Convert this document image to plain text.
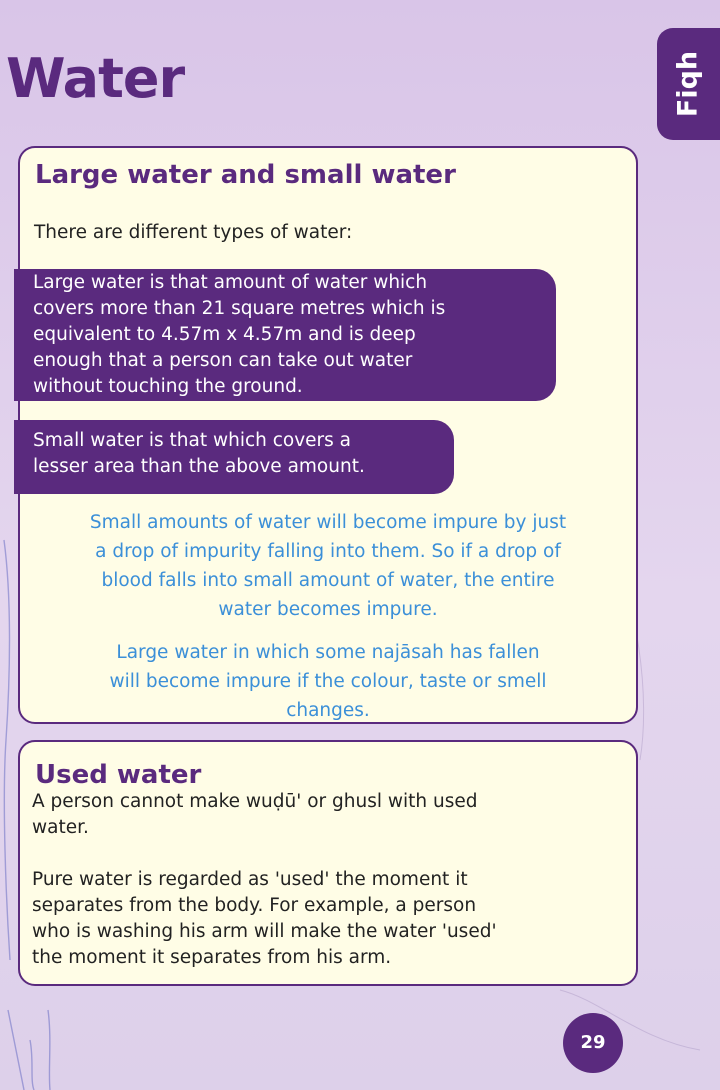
Water	Fiqh
Large water and small water

There are different types of water:

Large water is that amount of water which
covers more than 21 square metres which is
equivalent to 4.57m x 4.57m and is deep
enough that a person can take out water
without touching the ground.
Small water is that which covers a
lesser area than the above amount.
Small amounts of water will become impure by just
a drop of impurity falling into them. So if a drop of
blood falls into small amount of water, the entire
water becomes impure.
Large water in which some najāsah has fallen
will become impure if the colour, taste or smell
changes.
Used water
A person cannot make wuḍū' or ghusl with used
water.
Pure water is regarded as 'used' the moment it
separates from the body. For example, a person
who is washing his arm will make the water 'used'
the moment it separates from his arm.
29
